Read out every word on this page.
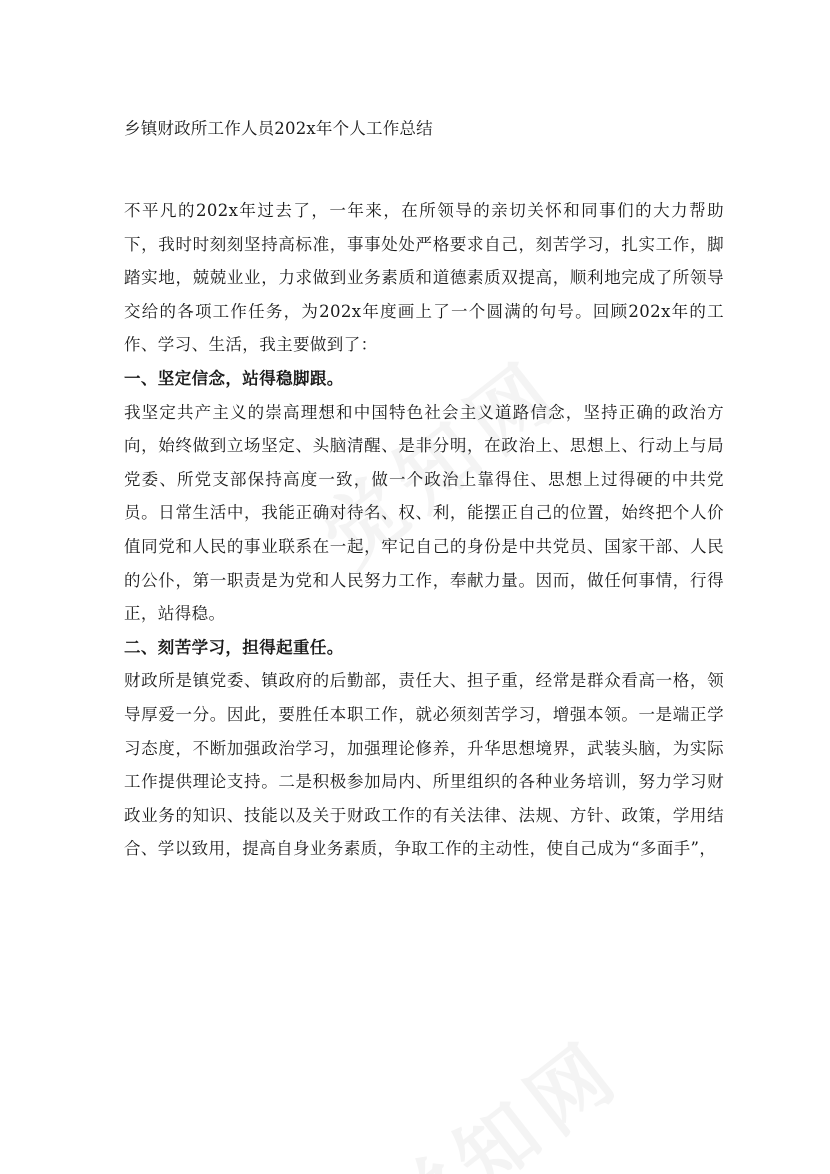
乡镇财政所工作人员202x年个人工作总结

不平凡的202x年过去了，一年来，在所领导的亲切关怀和同事们的大力帮助下，我时时刻刻坚持高标准，事事处处严格要求自己，刻苦学习，扎实工作，脚踏实地，兢兢业业，力求做到业务素质和道德素质双提高，顺利地完成了所领导交给的各项工作任务，为202x年度画上了一个圆满的句号。回顾202x年的工作、学习、生活，我主要做到了：

一、坚定信念，站得稳脚跟。

我坚定共产主义的崇高理想和中国特色社会主义道路信念，坚持正确的政治方向，始终做到立场坚定、头脑清醒、是非分明，在政治上、思想上、行动上与局党委、所党支部保持高度一致，做一个政治上靠得住、思想上过得硬的中共党员。日常生活中，我能正确对待名、权、利，能摆正自己的位置，始终把个人价值同党和人民的事业联系在一起，牢记自己的身份是中共党员、国家干部、人民的公仆，第一职责是为党和人民努力工作，奉献力量。因而，做任何事情，行得正，站得稳。

二、刻苦学习，担得起重任。

财政所是镇党委、镇政府的后勤部，责任大、担子重，经常是群众看高一格，领导厚爱一分。因此，要胜任本职工作，就必须刻苦学习，增强本领。一是端正学习态度，不断加强政治学习，加强理论修养，升华思想境界，武装头脑，为实际工作提供理论支持。二是积极参加局内、所里组织的各种业务培训，努力学习财政业务的知识、技能以及关于财政工作的有关法律、法规、方针、政策，学用结合、学以致用，提高自身业务素质，争取工作的主动性，使自己成为“多面手”，
